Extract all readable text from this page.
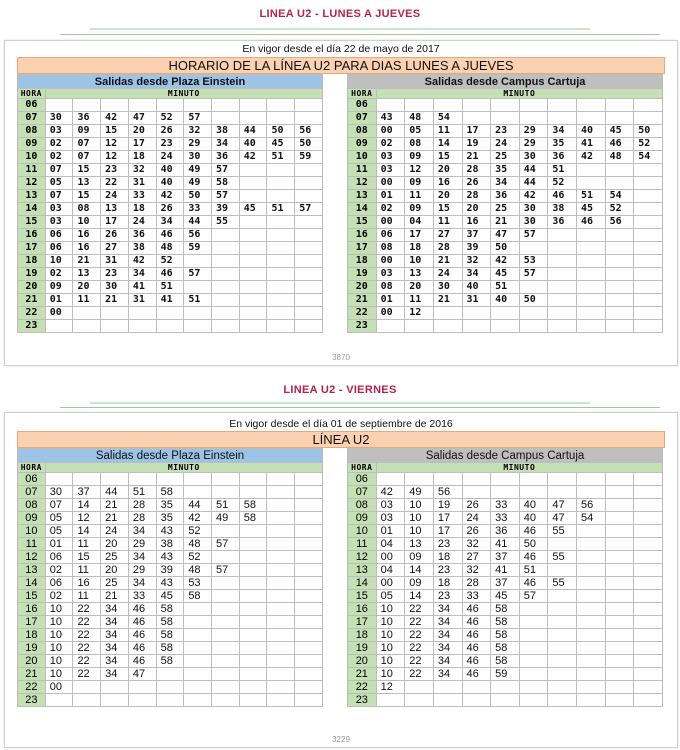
LINEA U2 - LUNES A JUEVES
En vigor desde el día 22 de mayo de 2017
HORARIO DE LA LÍNEA U2 PARA DIAS LUNES A JUEVES
Salidas desde Plaza Einstein										
HORA	MINUTO									
06										
07	30	36	42	47	52	57				
08	03	09	15	20	26	32	38	44	50	56
09	02	07	12	17	23	29	34	40	45	50
10	02	07	12	18	24	30	36	42	51	59
11	07	15	23	32	40	49	57			
12	05	13	22	31	40	49	58			
13	07	15	24	33	42	50	57			
14	03	08	13	18	26	33	39	45	51	57
15	03	10	17	24	34	44	55			
16	06	16	26	36	46	56				
17	06	16	27	38	48	59				
18	10	21	31	42	52					
19	02	13	23	34	46	57				
20	09	20	30	41	51					
21	01	11	21	31	41	51				
22	00									
23										
Salidas desde Campus Cartuja										
HORA	MINUTO									
06										
07	43	48	54							
08	00	05	11	17	23	29	34	40	45	50
09	02	08	14	19	24	29	35	41	46	52
10	03	09	15	21	25	30	36	42	48	54
11	03	12	20	28	35	44	51			
12	00	09	16	26	34	44	52			
13	01	11	20	28	36	42	46	51	54	
14	02	09	15	20	25	30	38	45	52	
15	00	04	11	16	21	30	36	46	56	
16	06	17	27	37	47	57				
17	08	18	28	39	50					
18	00	10	21	32	42	53				
19	03	13	24	34	45	57				
20	08	20	30	40	51					
21	01	11	21	31	40	50				
22	00	12								
23										
3870
LINEA U2 - VIERNES
En vigor desde el día 01 de septiembre de 2016
LÍNEA U2
Salidas desde Plaza Einstein										
HORA	MINUTO									
06										
07	30	37	44	51	58					
08	07	14	21	28	35	44	51	58		
09	05	12	21	28	35	42	49	58		
10	05	14	24	34	43	52				
11	01	11	20	29	38	48	57			
12	06	15	25	34	43	52				
13	02	11	20	29	39	48	57			
14	06	16	25	34	43	53				
15	02	11	21	33	45	58				
16	10	22	34	46	58					
17	10	22	34	46	58					
18	10	22	34	46	58					
19	10	22	34	46	58					
20	10	22	34	46	58					
21	10	22	34	47						
22	00									
23										
Salidas desde Campus Cartuja										
HORA	MINUTO									
06										
07	42	49	56							
08	03	10	19	26	33	40	47	56		
09	03	10	17	24	33	40	47	54		
10	01	10	17	26	36	46	55			
11	04	13	23	32	41	50				
12	00	09	18	27	37	46	55			
13	04	14	23	32	41	51				
14	00	09	18	28	37	46	55			
15	05	14	23	33	45	57				
16	10	22	34	46	58					
17	10	22	34	46	58					
18	10	22	34	46	58					
19	10	22	34	46	58					
20	10	22	34	46	58					
21	10	22	34	46	59					
22	12									
23										
3229
